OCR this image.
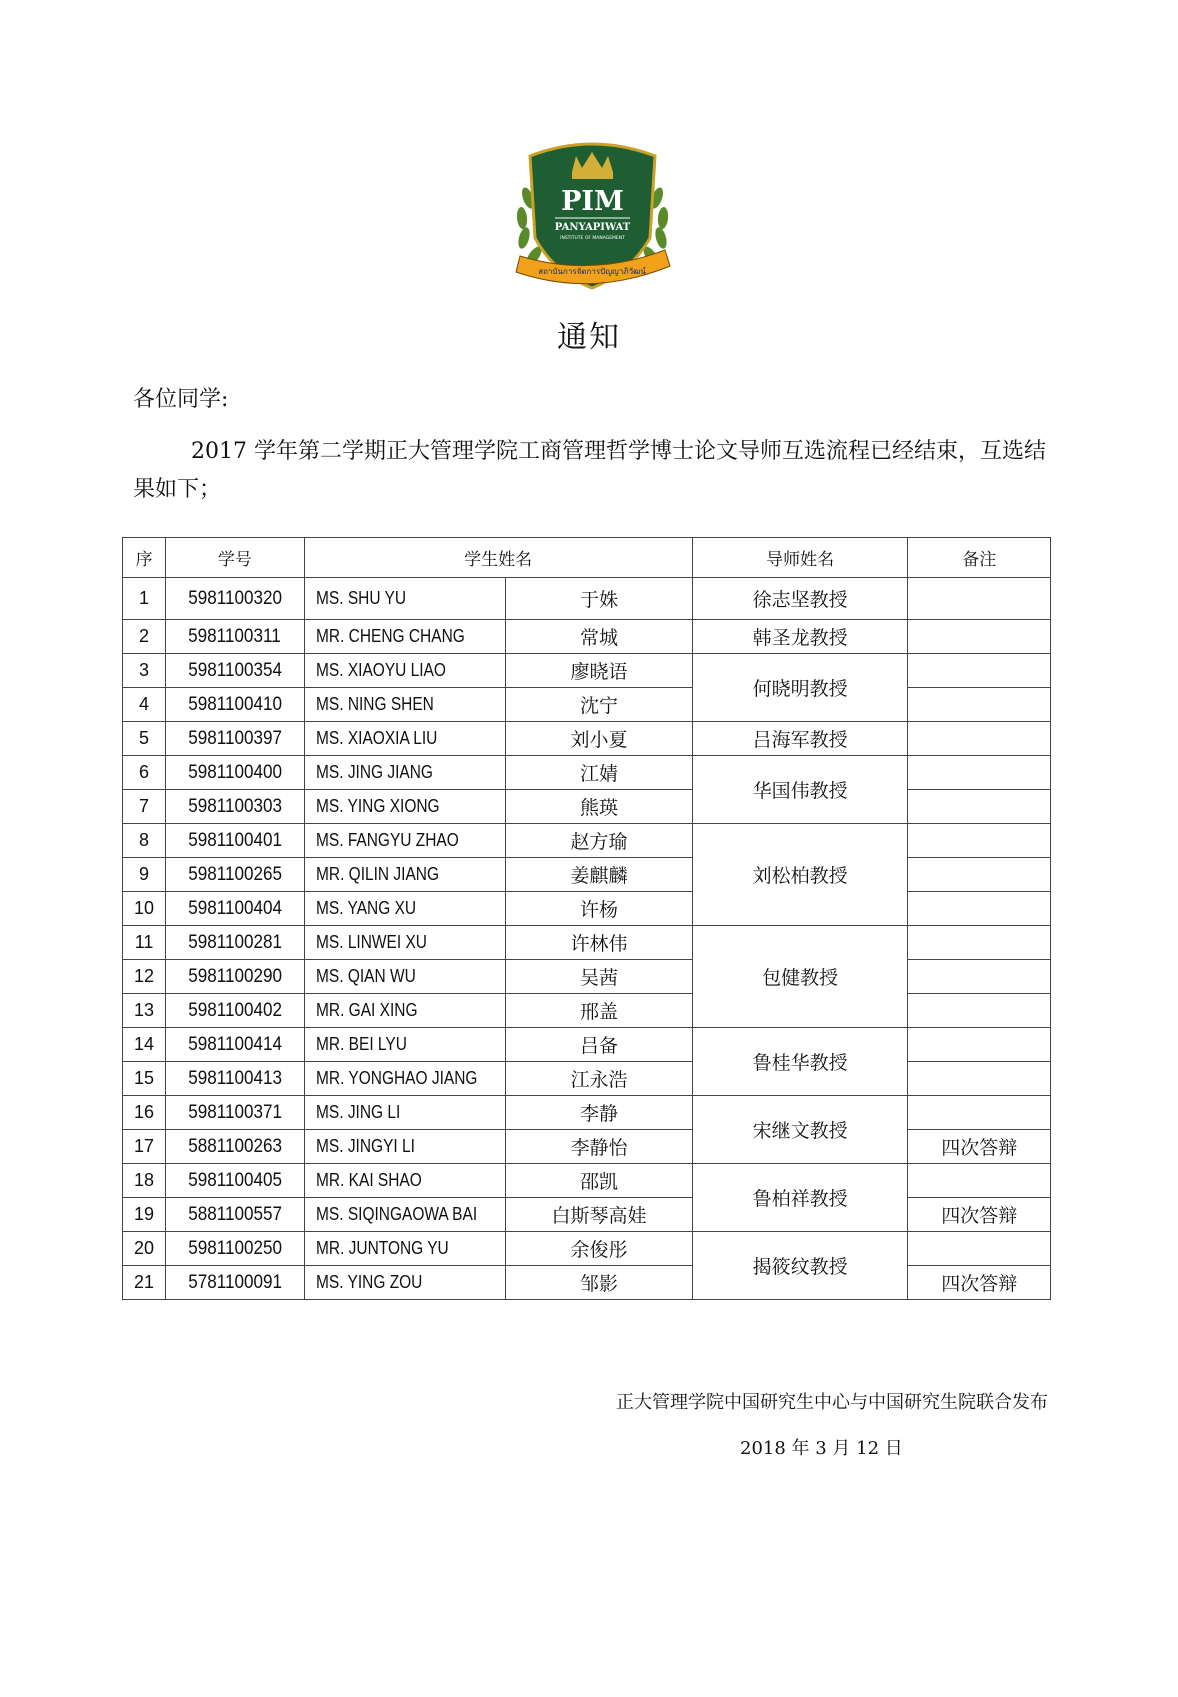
PIM
PANYAPIWAT
INSTITUTE OF MANAGEMENT
สถาบันการจัดการปัญญาภิวัฒน์
通知
各位同学:
2017 学年第二学期正大管理学院工商管理哲学博士论文导师互选流程已经结束，互选结果如下；
序	学号	学生姓名		导师姓名	备注
1	5981100320	MS. SHU YU	于姝	徐志坚教授	
2	5981100311	MR. CHENG CHANG	常城	韩圣龙教授	
3	5981100354	MS. XIAOYU LIAO	廖晓语	何晓明教授	
4	5981100410	MS. NING SHEN	沈宁		
5	5981100397	MS. XIAOXIA LIU	刘小夏	吕海军教授	
6	5981100400	MS. JING JIANG	江婧	华国伟教授	
7	5981100303	MS. YING XIONG	熊瑛		
8	5981100401	MS. FANGYU ZHAO	赵方瑜	刘松柏教授	
9	5981100265	MR. QILIN JIANG	姜麒麟		
10	5981100404	MS. YANG XU	许杨		
11	5981100281	MS. LINWEI XU	许林伟	包健教授	
12	5981100290	MS. QIAN WU	吴茜		
13	5981100402	MR. GAI XING	邢盖		
14	5981100414	MR. BEI LYU	吕备	鲁桂华教授	
15	5981100413	MR. YONGHAO JIANG	江永浩		
16	5981100371	MS. JING LI	李静	宋继文教授	
17	5881100263	MS. JINGYI LI	李静怡		四次答辩
18	5981100405	MR. KAI SHAO	邵凯	鲁柏祥教授	
19	5881100557	MS. SIQINGAOWA BAI	白斯琴高娃		四次答辩
20	5981100250	MR. JUNTONG YU	余俊彤	揭筱纹教授	
21	5781100091	MS. YING ZOU	邹影		四次答辩
正大管理学院中国研究生中心与中国研究生院联合发布
2018 年 3 月 12 日
